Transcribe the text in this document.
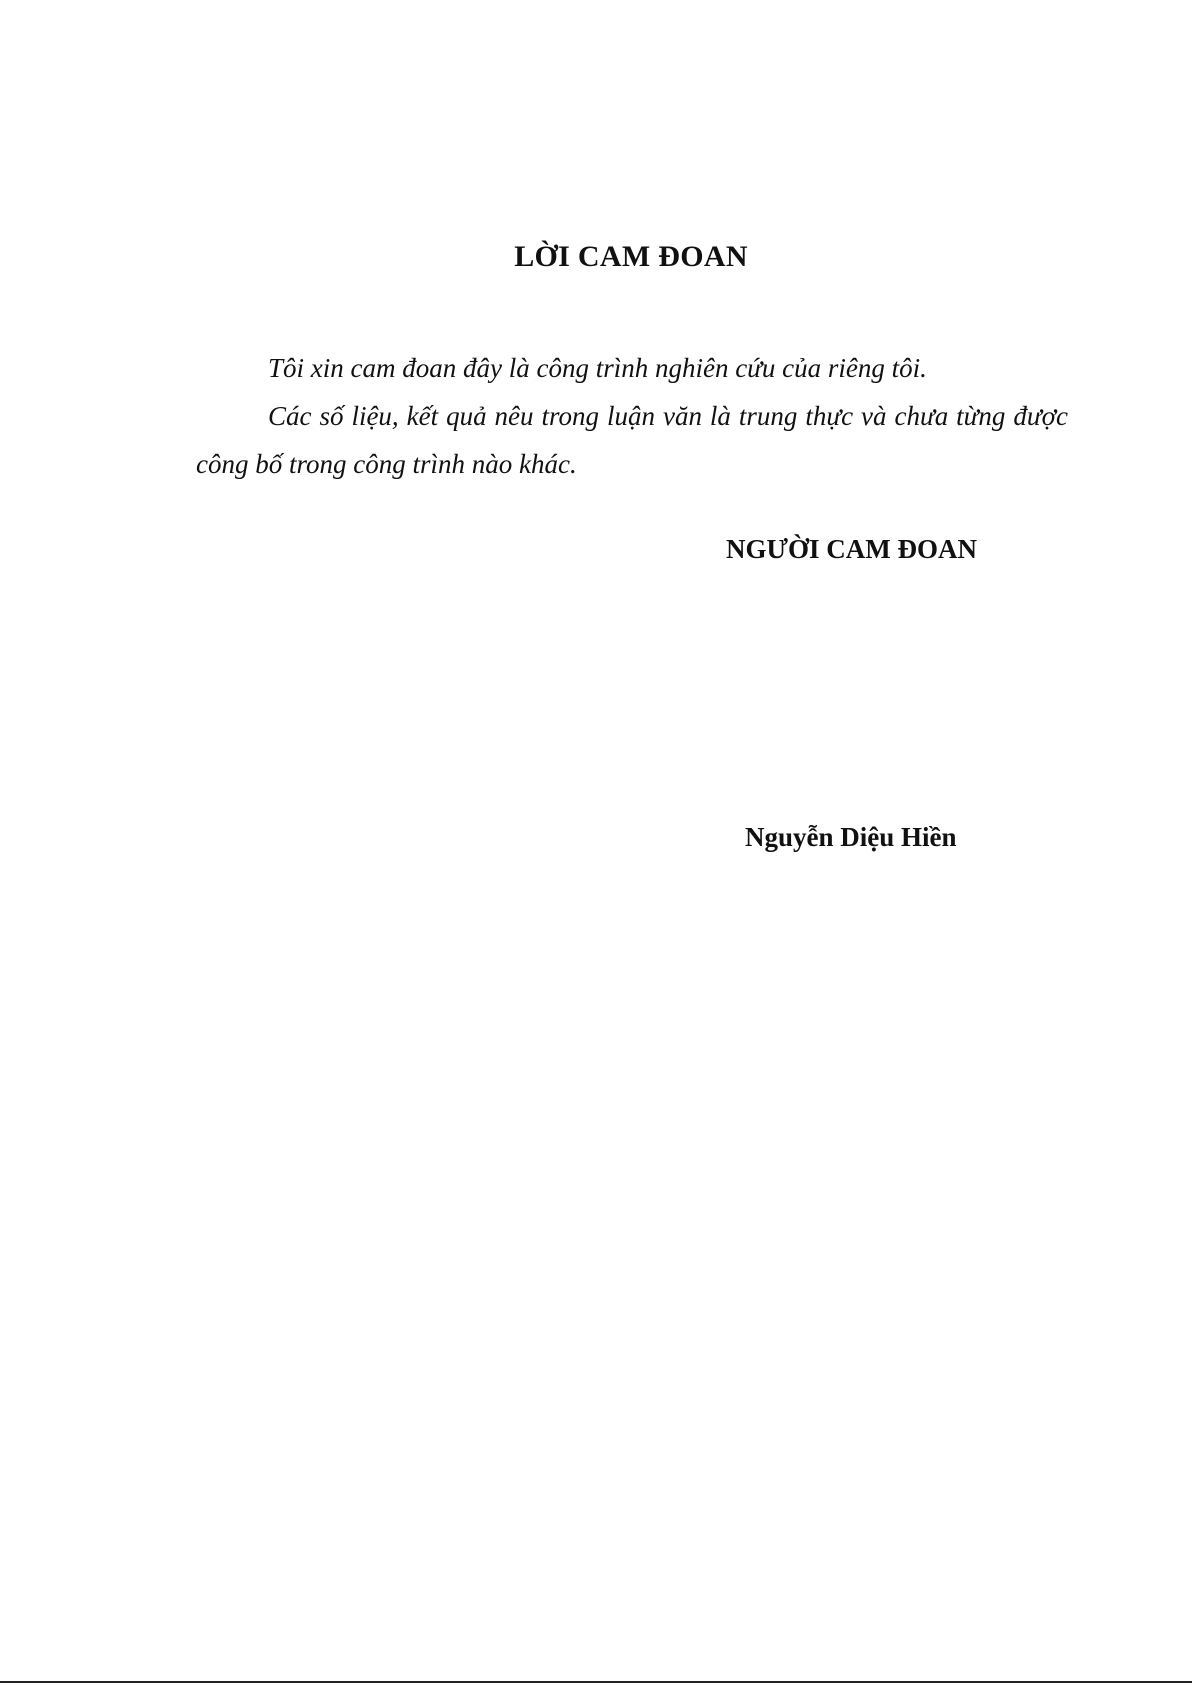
LỜI CAM ĐOAN

Tôi xin cam đoan đây là công trình nghiên cứu của riêng tôi.

Các số liệu, kết quả nêu trong luận văn là trung thực và chưa từng được công bố trong công trình nào khác.

NGƯỜI CAM ĐOAN

Nguyễn Diệu Hiền
